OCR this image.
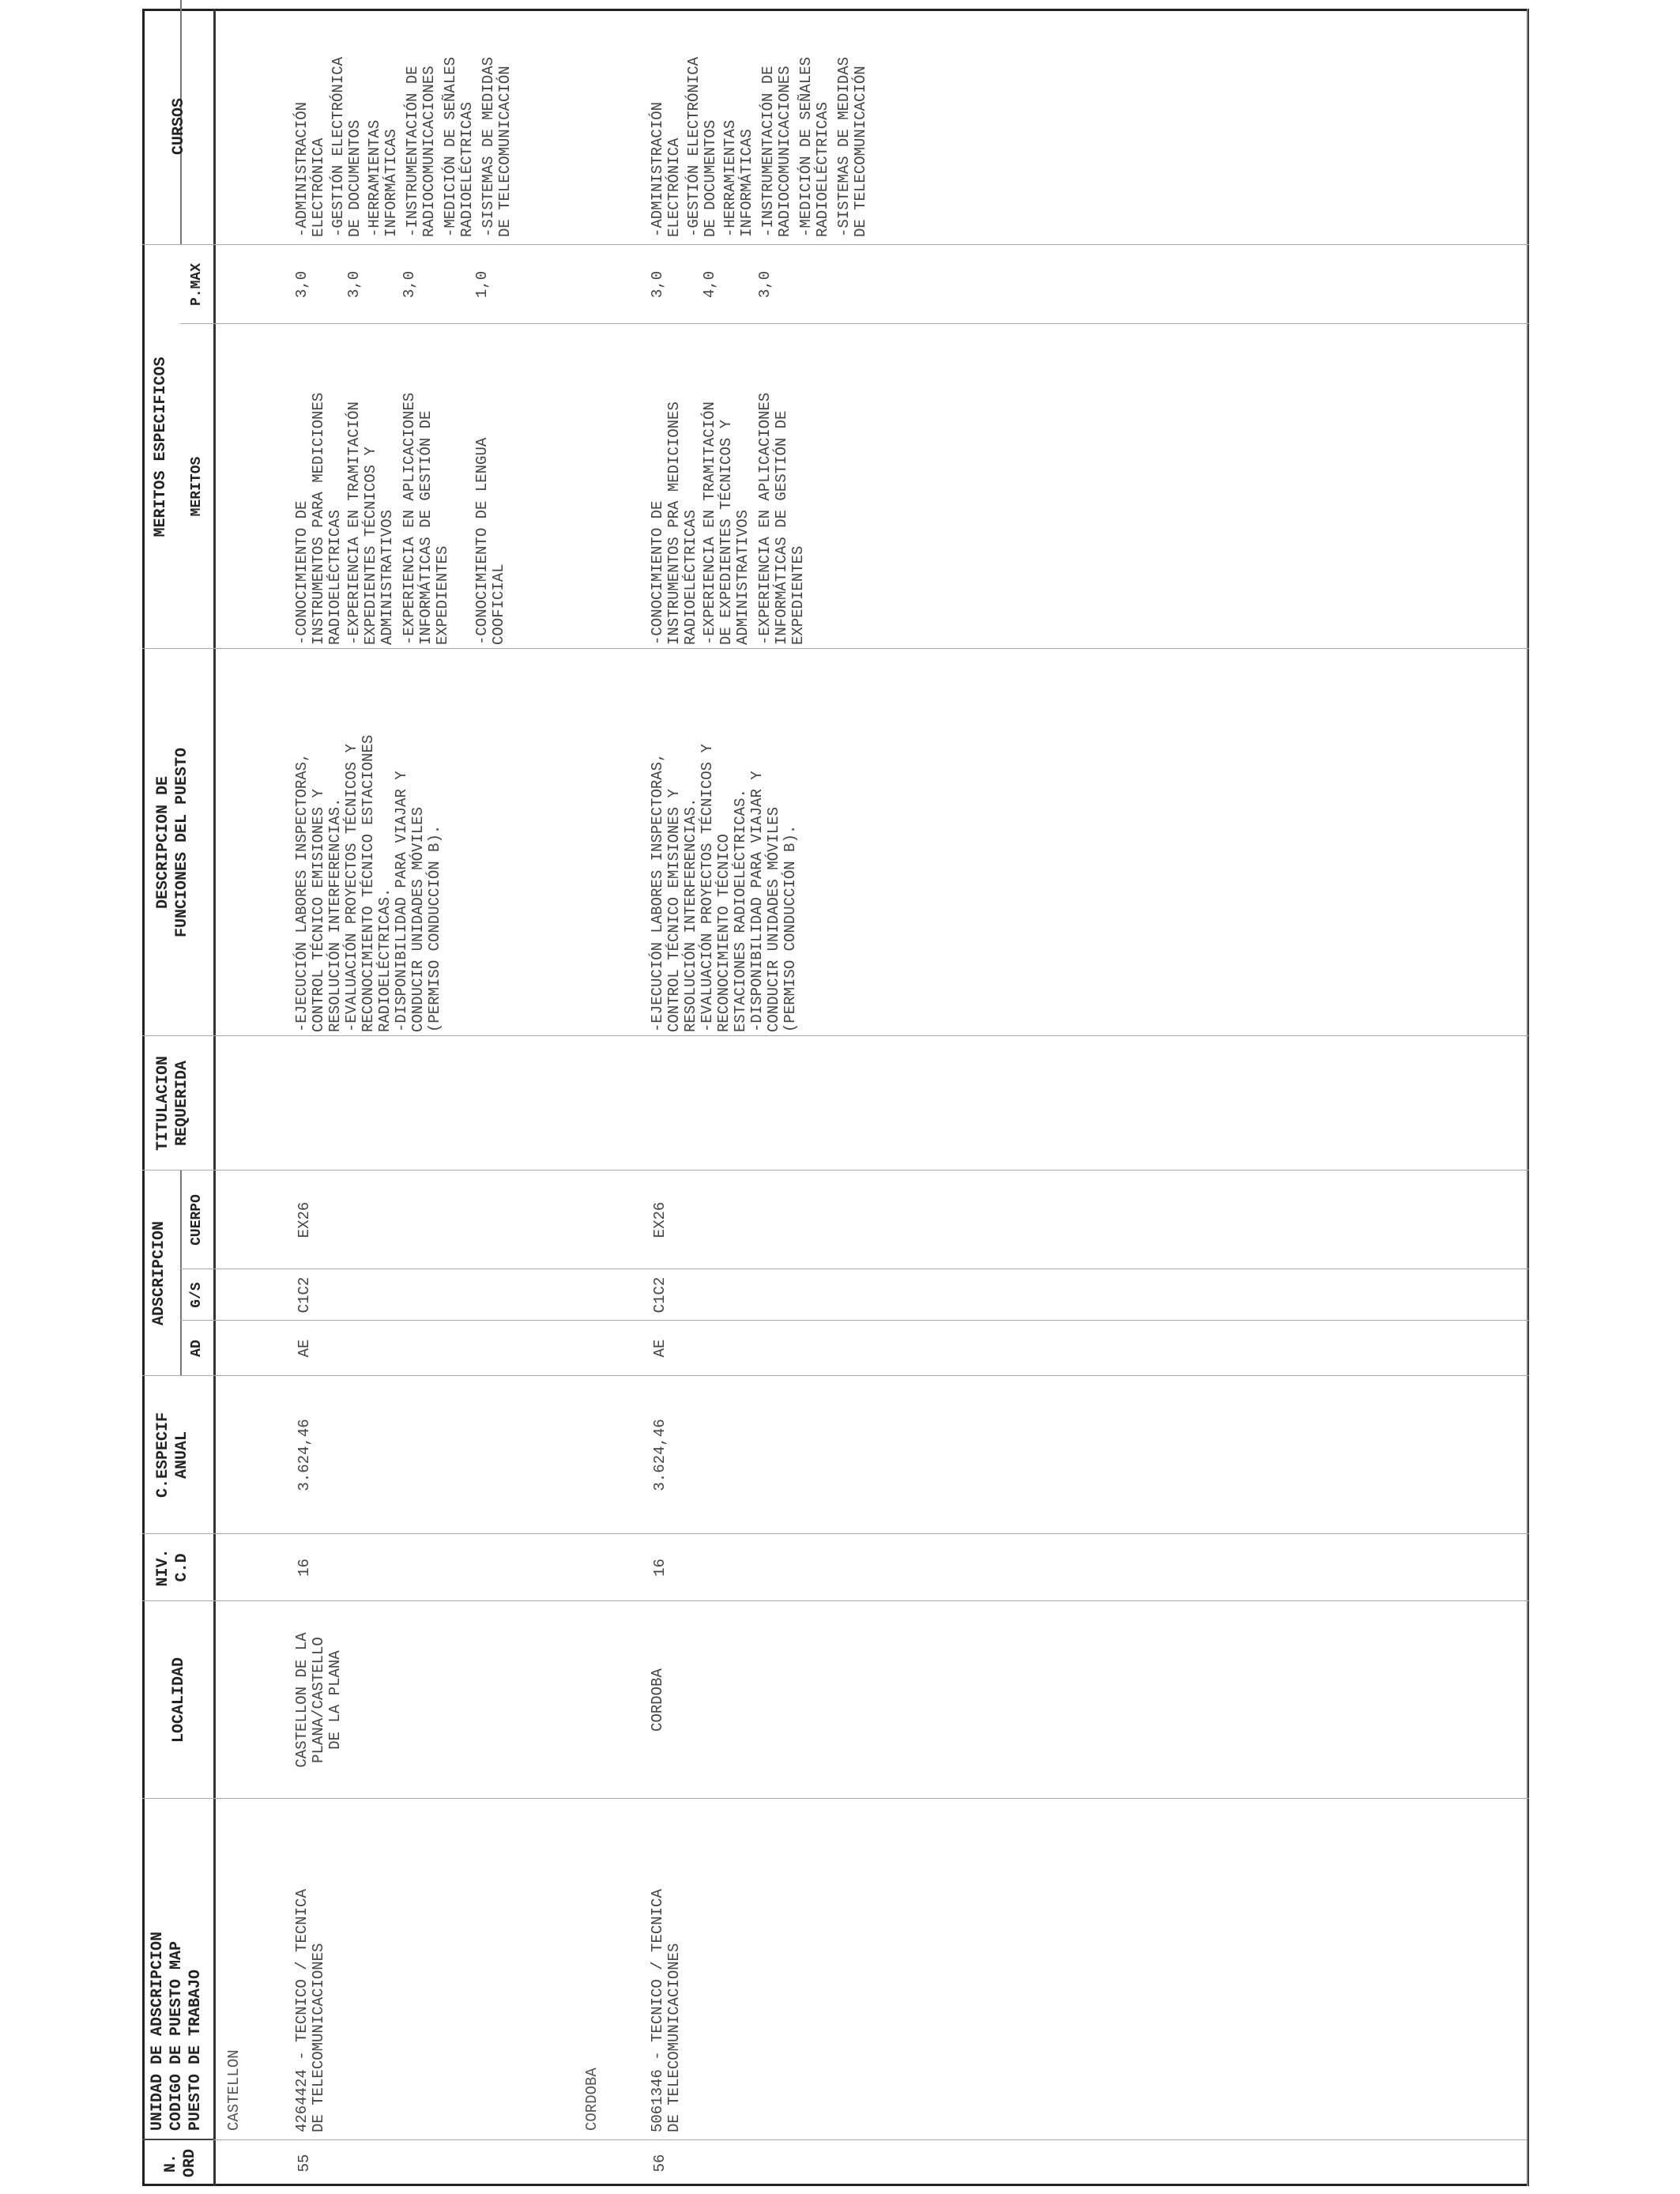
N.
ORD
UNIDAD DE ADSCRIPCION
CODIGO DE PUESTO MAP
PUESTO DE TRABAJO
LOCALIDAD
NIV.
C.D
C.ESPECIF
ANUAL
ADSCRIPCION
AD
G/S
CUERPO
TITULACION
REQUERIDA
DESCRIPCION DE
FUNCIONES DEL PUESTO
MERITOS ESPECIFICOS MERITOS
P.MAX
CURSOS
CASTELLON
55
4264424 - TECNICO / TECNICA
DE TELECOMUNICACIONES
CASTELLON DE LA
PLANA/CASTELLO
DE LA PLANA
16
3.624,46
AE
C1C2
EX26
-EJECUCIÓN LABORES INSPECTORAS,
CONTROL TÉCNICO EMISIONES Y
RESOLUCIÓN INTERFERENCIAS.
-EVALUACIÓN PROYECTOS TÉCNICOS Y
RECONOCIMIENTO TÉCNICO ESTACIONES
RADIOELÉCTRICAS.
-DISPONIBILIDAD PARA VIAJAR Y
CONDUCIR UNIDADES MÓVILES
(PERMISO CONDUCCIÓN B).
-CONOCIMIENTO DE
INSTRUMENTOS PARA MEDICIONES
RADIOELÉCTRICAS
3,0
-EXPERIENCIA EN TRAMITACIÓN
EXPEDIENTES TÉCNICOS Y
ADMINISTRATIVOS
3,0
-EXPERIENCIA EN APLICACIONES
INFORMÁTICAS DE GESTIÓN DE
EXPEDIENTES
3,0
-CONOCIMIENTO DE LENGUA
COOFICIAL
1,0
-ADMINISTRACIÓN
ELECTRÓNICA -GESTIÓN ELECTRÓNICA
DE DOCUMENTOS -HERRAMIENTAS
INFORMÁTICAS -INSTRUMENTACIÓN DE
RADIOCOMUNICACIONES -MEDICIÓN DE SEÑALES
RADIOELÉCTRICAS -SISTEMAS DE MEDIDAS
DE TELECOMUNICACIÓN
CORDOBA
56
5061346 - TECNICO / TECNICA
DE TELECOMUNICACIONES
CORDOBA
16
3.624,46
AE
C1C2
EX26
-EJECUCIÓN LABORES INSPECTORAS,
CONTROL TÉCNICO EMISIONES Y
RESOLUCIÓN INTERFERENCIAS.
-EVALUACIÓN PROYECTOS TÉCNICOS Y
RECONOCIMIENTO TÉCNICO
ESTACIONES RADIOELÉCTRICAS.
-DISPONIBILIDAD PARA VIAJAR Y
CONDUCIR UNIDADES MÓVILES
(PERMISO CONDUCCIÓN B).
-CONOCIMIENTO DE
INSTRUMENTOS PRA MEDICIONES
RADIOELÉCTRICAS
3,0
-EXPERIENCIA EN TRAMITACIÓN
DE EXPEDIENTES TÉCNICOS Y
ADMINISTRATIVOS
4,0
-EXPERIENCIA EN APLICACIONES
INFORMÁTICAS DE GESTIÓN DE
EXPEDIENTES
3,0
-ADMINISTRACIÓN
ELECTRÓNICA -GESTIÓN ELECTRÓNICA
DE DOCUMENTOS -HERRAMIENTAS
INFORMÁTICAS -INSTRUMENTACIÓN DE
RADIOCOMUNICACIONES -MEDICIÓN DE SEÑALES
RADIOELÉCTRICAS -SISTEMAS DE MEDIDAS
DE TELECOMUNICACIÓN
